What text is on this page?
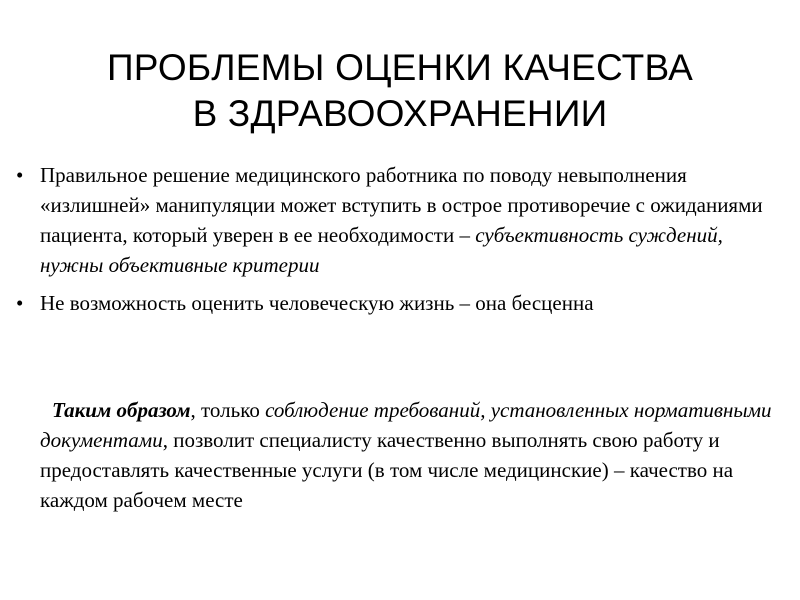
ПРОБЛЕМЫ ОЦЕНКИ КАЧЕСТВА
В ЗДРАВООХРАНЕНИИ
• Правильное решение медицинского работника по поводу невыполнения «излишней» манипуляции может вступить в острое противоречие с ожиданиями пациента, который уверен в ее необходимости – субъективность суждений, нужны объективные критерии
• Не возможность оценить человеческую жизнь – она бесценна

Таким образом, только соблюдение требований, установленных нормативными документами, позволит специалисту качественно выполнять свою работу и предоставлять качественные услуги (в том числе медицинские) – качество на каждом рабочем месте
